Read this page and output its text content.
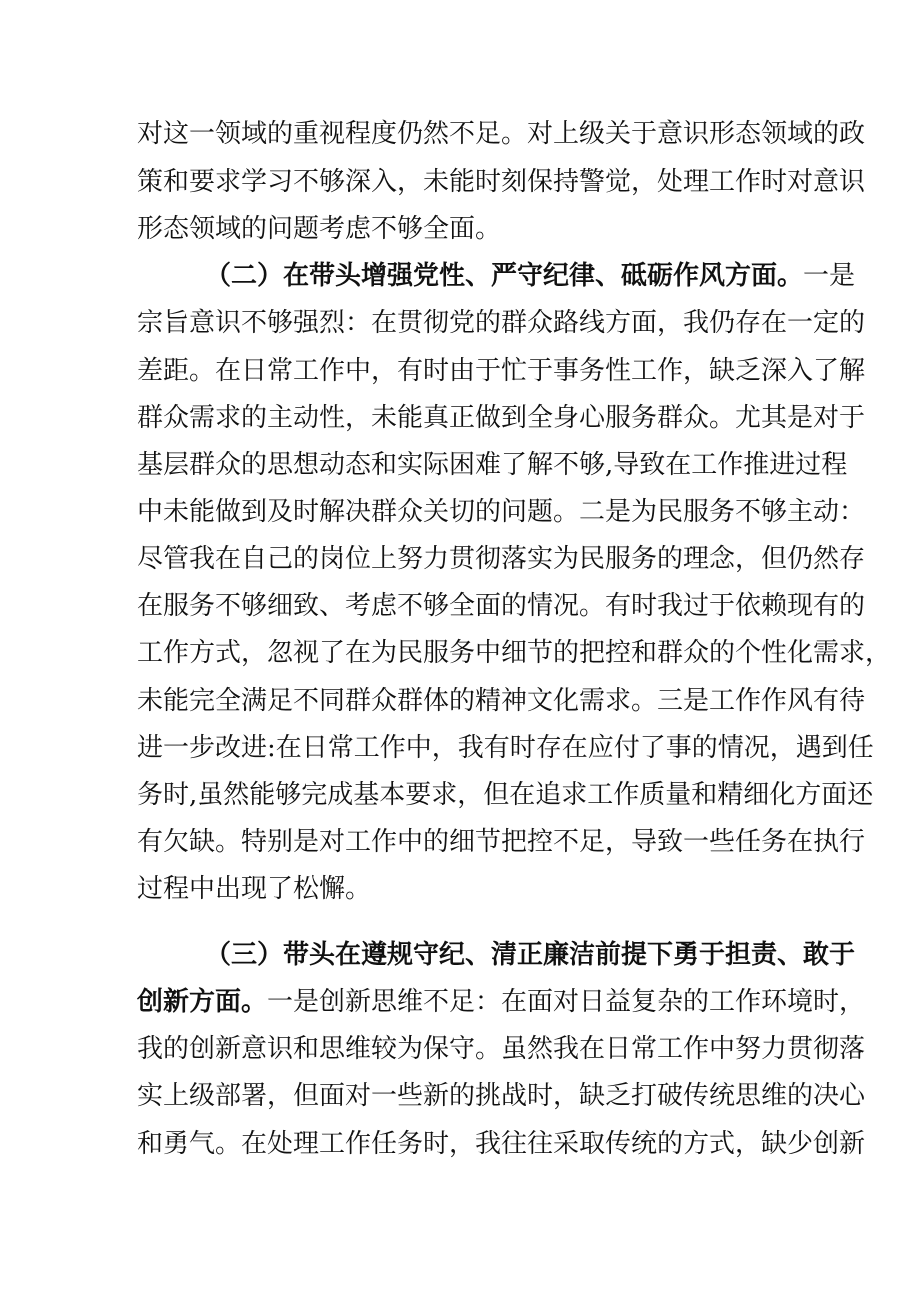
对这一领域的重视程度仍然不足。对上级关于意识形态领域的政
策和要求学习不够深入，未能时刻保持警觉，处理工作时对意识
形态领域的问题考虑不够全面。
（二）在带头增强党性、严守纪律、砥砺作风方面。一是
宗旨意识不够强烈：在贯彻党的群众路线方面，我仍存在一定的
差距。在日常工作中，有时由于忙于事务性工作，缺乏深入了解
群众需求的主动性，未能真正做到全身心服务群众。尤其是对于
基层群众的思想动态和实际困难了解不够,导致在工作推进过程
中未能做到及时解决群众关切的问题。二是为民服务不够主动：
尽管我在自己的岗位上努力贯彻落实为民服务的理念，但仍然存
在服务不够细致、考虑不够全面的情况。有时我过于依赖现有的
工作方式，忽视了在为民服务中细节的把控和群众的个性化需求，
未能完全满足不同群众群体的精神文化需求。三是工作作风有待
进一步改进:在日常工作中，我有时存在应付了事的情况，遇到任
务时,虽然能够完成基本要求，但在追求工作质量和精细化方面还
有欠缺。特别是对工作中的细节把控不足，导致一些任务在执行
过程中出现了松懈。
（三）带头在遵规守纪、清正廉洁前提下勇于担责、敢于
创新方面。一是创新思维不足：在面对日益复杂的工作环境时，
我的创新意识和思维较为保守。虽然我在日常工作中努力贯彻落
实上级部署，但面对一些新的挑战时，缺乏打破传统思维的决心
和勇气。在处理工作任务时，我往往采取传统的方式，缺少创新
